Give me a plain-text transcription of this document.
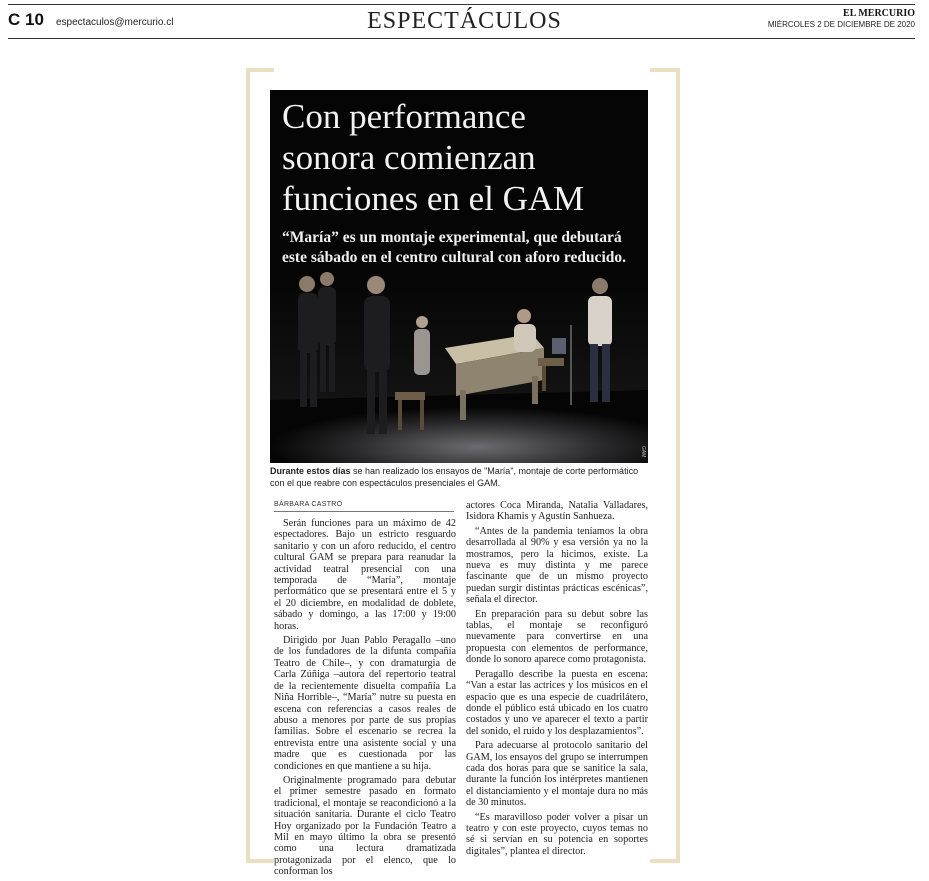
C 10 espectaculos@mercurio.cl	ESPECTÁCULOS	EL MERCURIO
MIÉRCOLES 2 DE DICIEMBRE DE 2020
Con performance
sonora comienzan
funciones en el GAM
“María” es un montaje experimental, que debutará este sábado en el centro cultural con aforo reducido.
GAM
Durante estos días se han realizado los ensayos de "María", montaje de corte performático con el que reabre con espectáculos presenciales el GAM.
BÁRBARA CASTRO

Serán funciones para un máximo de 42 espectadores. Bajo un estricto resguardo sanitario y con un aforo reducido, el centro cultural GAM se prepara para reanudar la actividad teatral presencial con una temporada de “María”, montaje performático que se presentará entre el 5 y el 20 diciembre, en modalidad de doblete, sábado y domingo, a las 17:00 y 19:00 horas.

Dirigido por Juan Pablo Peragallo –uno de los fundadores de la difunta compañía Teatro de Chile–, y con dramaturgia de Carla Zúñiga –autora del repertorio teatral de la recientemente disuelta compañía La Niña Horrible–, “María” nutre su puesta en escena con referencias a casos reales de abuso a menores por parte de sus propias familias. Sobre el escenario se recrea la entrevista entre una asistente social y una madre que es cuestionada por las condiciones en que mantiene a su hija.

Originalmente programado para debutar el primer semestre pasado en formato tradicional, el montaje se reacondicionó a la situación sanitaria. Durante el ciclo Teatro Hoy organizado por la Fundación Teatro a Mil en mayo último la obra se presentó como una lectura dramatizada protagonizada por el elenco, que lo conforman los

actores Coca Miranda, Natalia Valladares, Isidora Khamis y Agustín Sanhueza.

“Antes de la pandemia teníamos la obra desarrollada al 90% y esa versión ya no la mostramos, pero la hicimos, existe. La nueva es muy distinta y me parece fascinante que de un mismo proyecto puedan surgir distintas prácticas escénicas”, señala el director.

En preparación para su debut sobre las tablas, el montaje se reconfiguró nuevamente para convertirse en una propuesta con elementos de performance, donde lo sonoro aparece como protagonista.

Peragallo describe la puesta en escena: “Van a estar las actrices y los músicos en el espacio que es una especie de cuadrilátero, donde el público está ubicado en los cuatro costados y uno ve aparecer el texto a partir del sonido, el ruido y los desplazamientos”.

Para adecuarse al protocolo sanitario del GAM, los ensayos del grupo se interrumpen cada dos horas para que se sanitice la sala, durante la función los intérpretes mantienen el distanciamiento y el montaje dura no más de 30 minutos.

“Es maravilloso poder volver a pisar un teatro y con este proyecto, cuyos temas no sé si servían en su potencia en soportes digitales”, plantea el director.
